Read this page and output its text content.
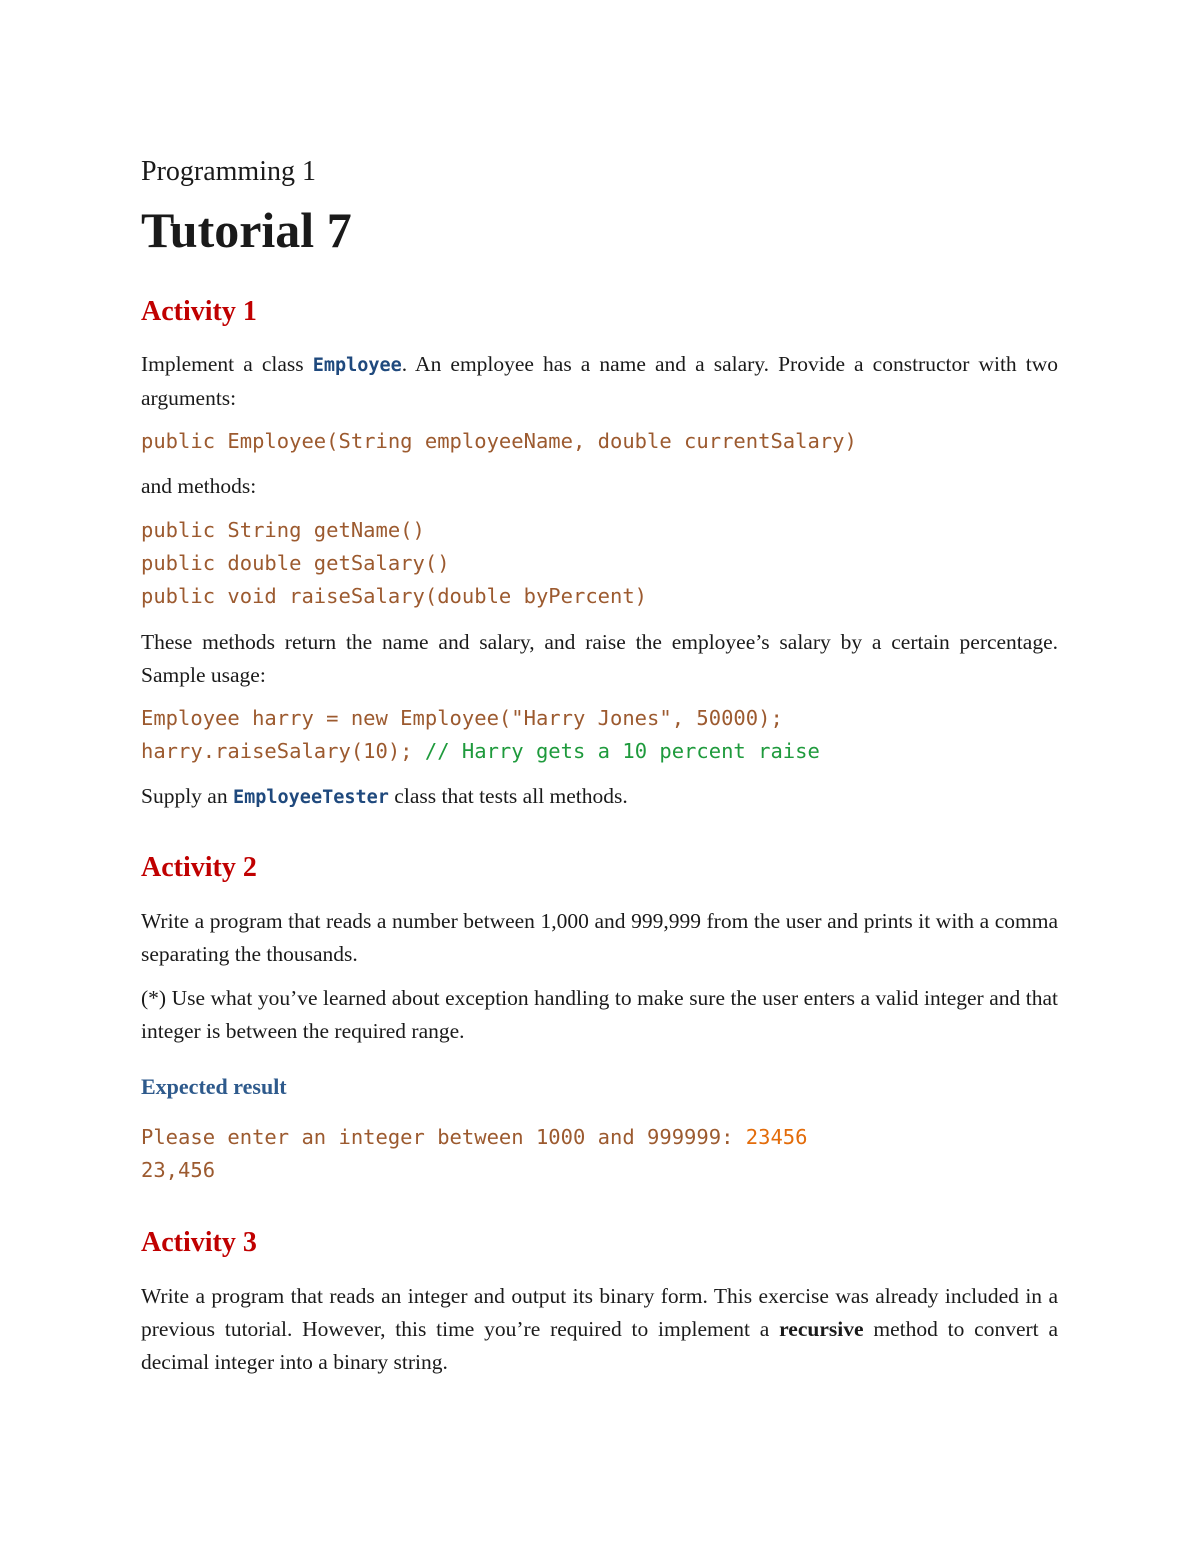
Programming 1

Tutorial 7
Activity 1

Implement a class Employee. An employee has a name and a salary. Provide a constructor with two arguments:

public Employee(String employeeName, double currentSalary)

and methods:

public String getName()
public double getSalary()
public void raiseSalary(double byPercent)

These methods return the name and salary, and raise the employee’s salary by a certain percentage. Sample usage:

Employee harry = new Employee("Harry Jones", 50000);
harry.raiseSalary(10); // Harry gets a 10 percent raise

Supply an EmployeeTester class that tests all methods.

Activity 2

Write a program that reads a number between 1,000 and 999,999 from the user and prints it with a comma separating the thousands.

(*) Use what you’ve learned about exception handling to make sure the user enters a valid integer and that integer is between the required range.

Expected result
Please enter an integer between 1000 and 999999: 23456
23,456
Activity 3

Write a program that reads an integer and output its binary form. This exercise was already included in a previous tutorial. However, this time you’re required to implement a recursive method to convert a decimal integer into a binary string.
